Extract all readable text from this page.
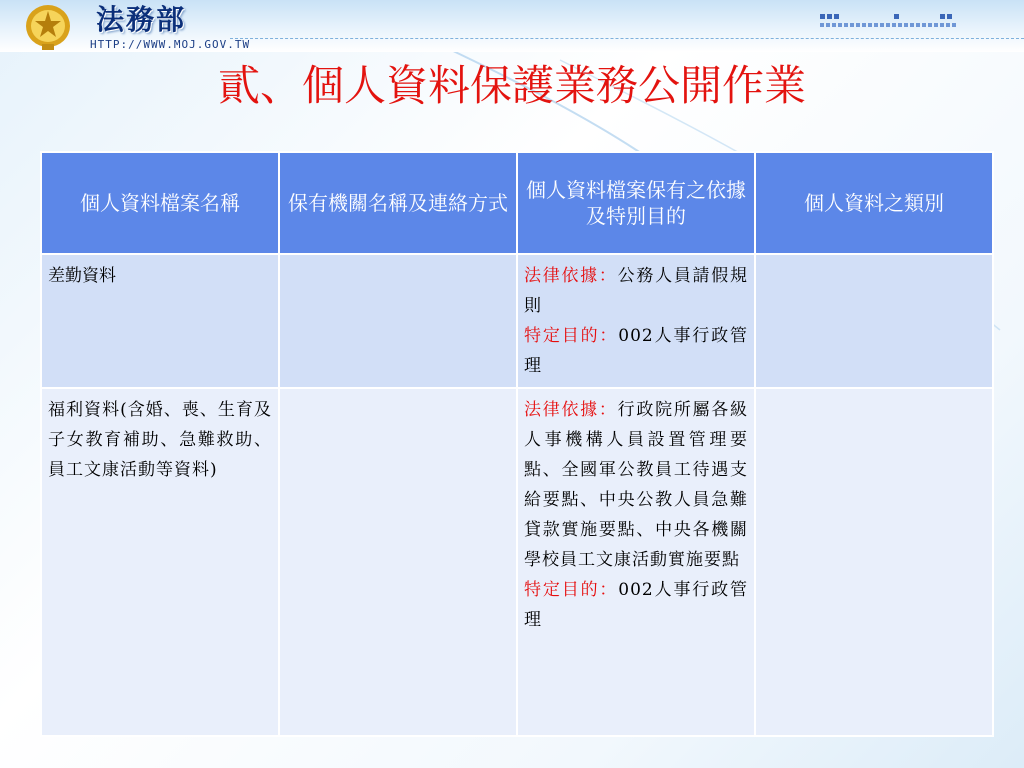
法務部
HTTP://WWW.MOJ.GOV.TW
貳、個人資料保護業務公開作業
個人資料檔案名稱	保有機關名稱及連絡方式	個人資料檔案保有之依據及特別目的	個人資料之類別
差勤資料		法律依據：公務人員請假規則
特定目的：002人事行政管理	
福利資料(含婚、喪、生育及子女教育補助、急難救助、員工文康活動等資料)		法律依據：行政院所屬各級人事機構人員設置管理要點、全國軍公教員工待遇支給要點、中央公教人員急難貸款實施要點、中央各機關學校員工文康活動實施要點
特定目的：002人事行政管理	
